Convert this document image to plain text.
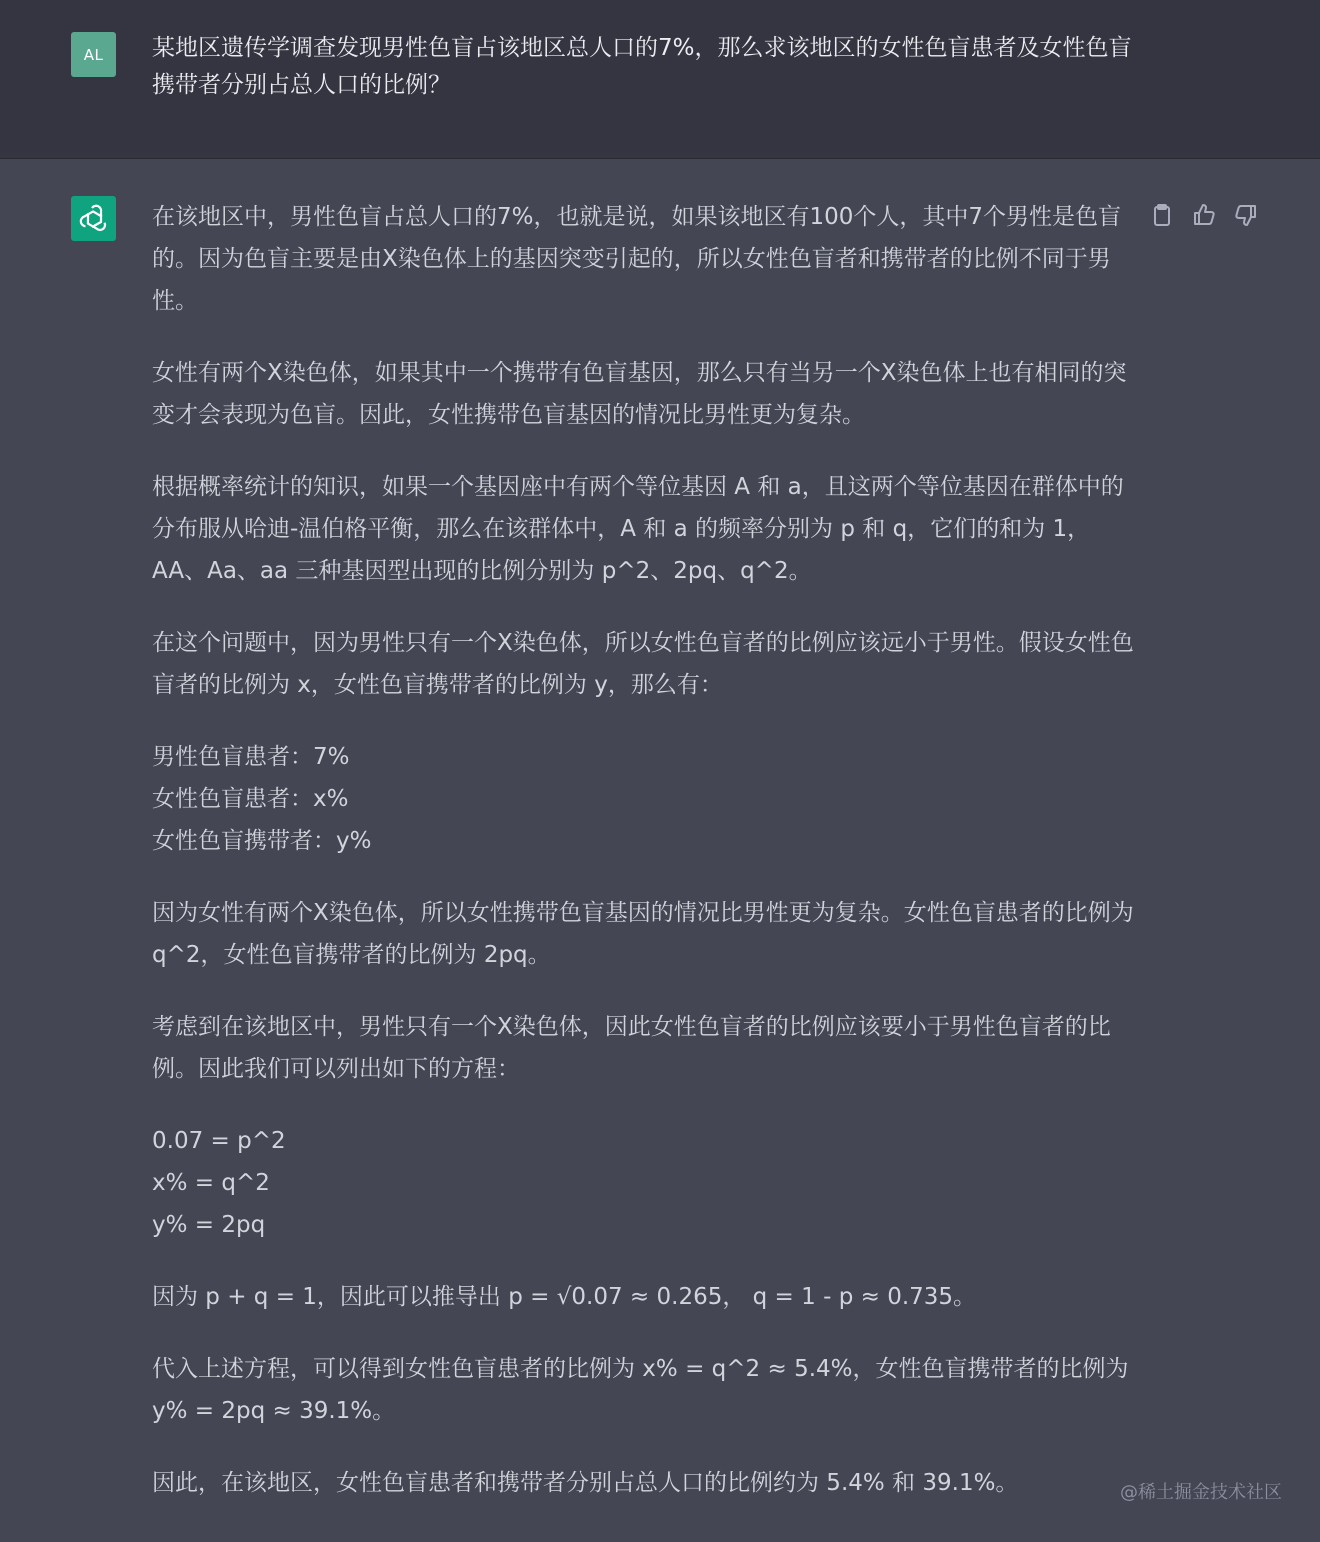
AL 某地区遗传学调查发现男性色盲占该地区总人口的7%，那么求该地区的女性色盲患者及女性色盲携带者分别占总人口的比例？

在该地区中，男性色盲占总人口的7%，也就是说，如果该地区有100个人，其中7个男性是色盲的。因为色盲主要是由X染色体上的基因突变引起的，所以女性色盲者和携带者的比例不同于男性。

女性有两个X染色体，如果其中一个携带有色盲基因，那么只有当另一个X染色体上也有相同的突变才会表现为色盲。因此，女性携带色盲基因的情况比男性更为复杂。

根据概率统计的知识，如果一个基因座中有两个等位基因 A 和 a，且这两个等位基因在群体中的分布服从哈迪-温伯格平衡，那么在该群体中，A 和 a 的频率分别为 p 和 q，它们的和为 1，AA、Aa、aa 三种基因型出现的比例分别为 p^2、2pq、q^2。

在这个问题中，因为男性只有一个X染色体，所以女性色盲者的比例应该远小于男性。假设女性色盲者的比例为 x，女性色盲携带者的比例为 y，那么有：

男性色盲患者：7%
女性色盲患者：x%
女性色盲携带者：y%

因为女性有两个X染色体，所以女性携带色盲基因的情况比男性更为复杂。女性色盲患者的比例为 q^2，女性色盲携带者的比例为 2pq。

考虑到在该地区中，男性只有一个X染色体，因此女性色盲者的比例应该要小于男性色盲者的比例。因此我们可以列出如下的方程：

0.07 = p^2
x% = q^2
y% = 2pq

因为 p + q = 1，因此可以推导出 p = √0.07 ≈ 0.265， q = 1 - p ≈ 0.735。

代入上述方程，可以得到女性色盲患者的比例为 x% = q^2 ≈ 5.4%，女性色盲携带者的比例为 y% = 2pq ≈ 39.1%。

因此，在该地区，女性色盲患者和携带者分别占总人口的比例约为 5.4% 和 39.1%。	@稀土掘金技术社区
